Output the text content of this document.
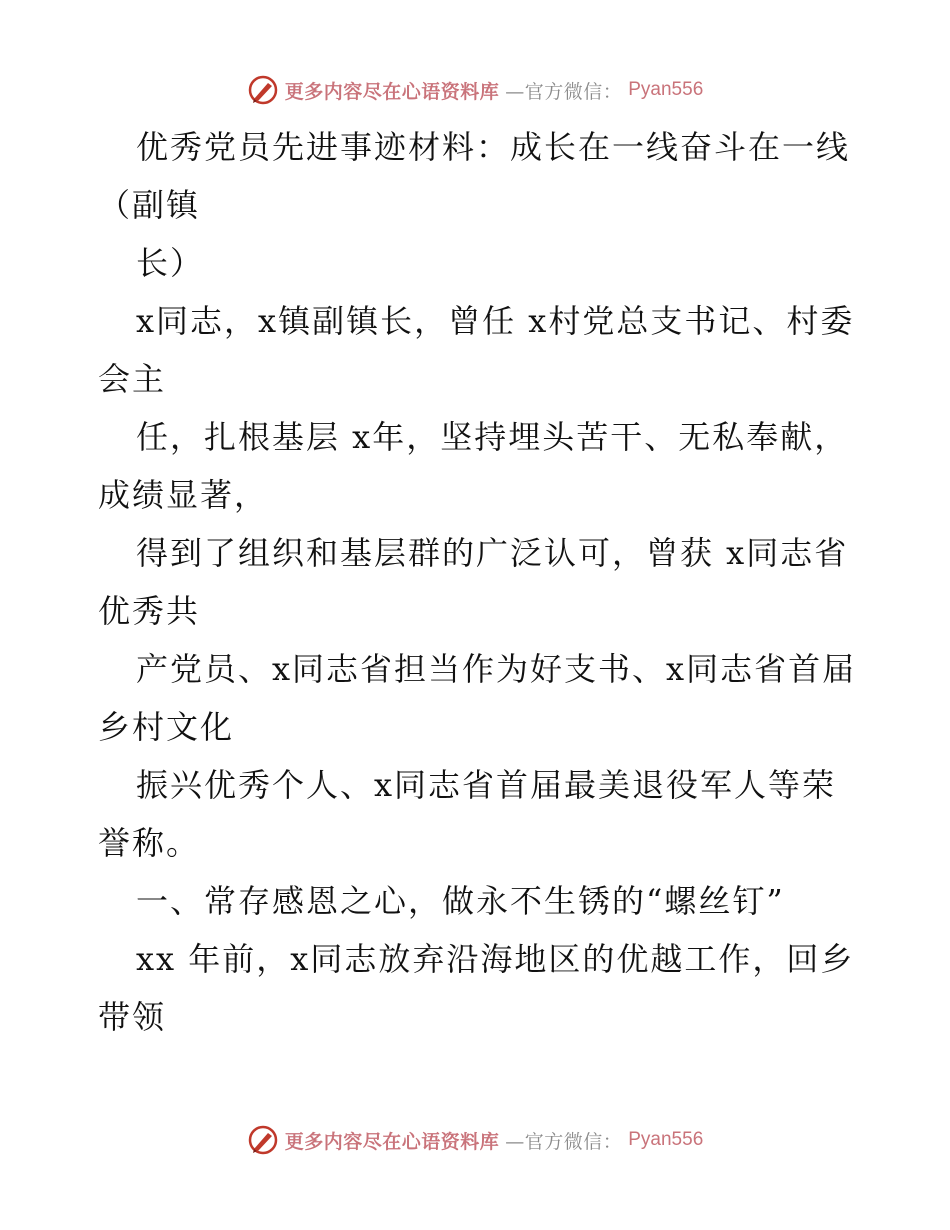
更多内容尽在心语资料库 —官方微信： Pyan556

优秀党员先进事迹材料：成长在一线奋斗在一线（副镇

长）

x同志，x镇副镇长，曾任 x村党总支书记、村委会主

任，扎根基层 x年，坚持埋头苦干、无私奉献，成绩显著，

得到了组织和基层群的广泛认可，曾获 x同志省优秀共

产党员、x同志省担当作为好支书、x同志省首届乡村文化

振兴优秀个人、x同志省首届最美退役军人等荣誉称。

一、常存感恩之心，做永不生锈的“螺丝钉”

xx 年前，x同志放弃沿海地区的优越工作，回乡带领

更多内容尽在心语资料库 —官方微信： Pyan556
